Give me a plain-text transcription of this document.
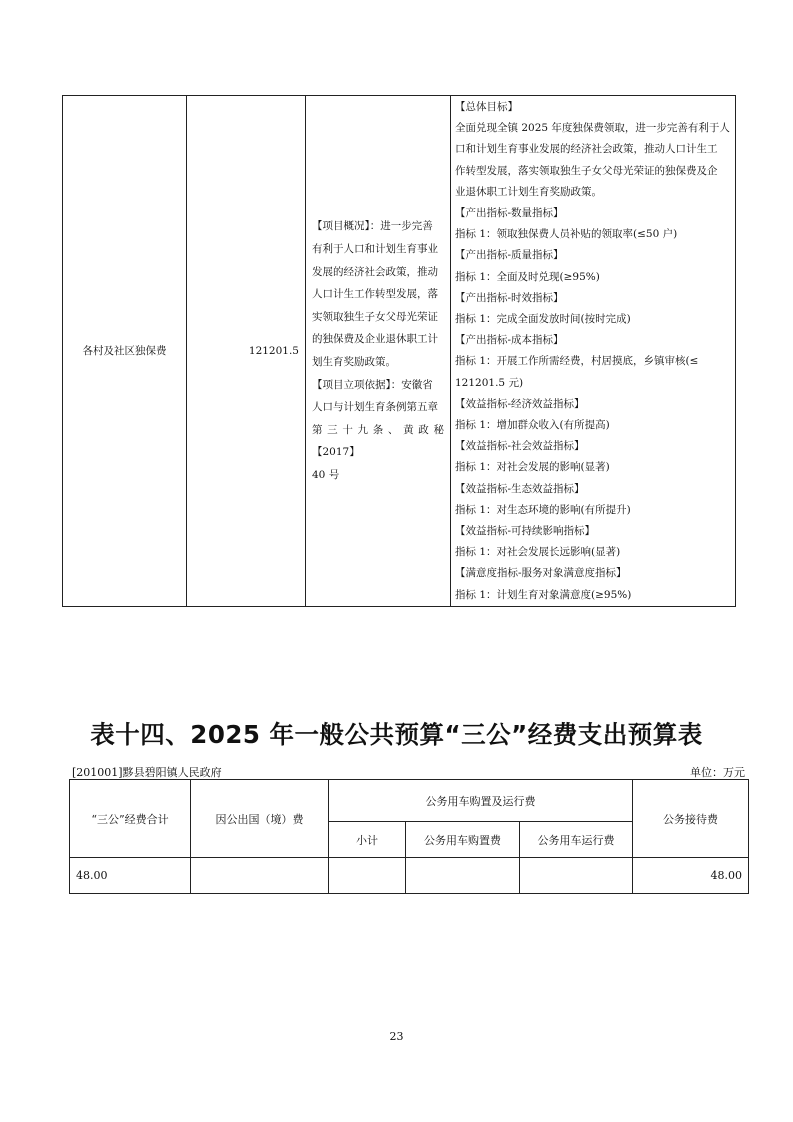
各村及社区独保费	121201.5	
【项目概况】：进一步完善
有利于人口和计划生育事业
发展的经济社会政策，推动
人口计生工作转型发展，落
实领取独生子女父母光荣证
的独保费及企业退休职工计
划生育奖励政策。
【项目立项依据】：安徽省
人口与计划生育条例第五章
第三十九条、黄政秘【2017】
40 号

【总体目标】
全面兑现全镇 2025 年度独保费领取，进一步完善有利于人
口和计划生育事业发展的经济社会政策，推动人口计生工
作转型发展，落实领取独生子女父母光荣证的独保费及企
业退休职工计划生育奖励政策。
【产出指标-数量指标】
指标 1：领取独保费人员补贴的领取率(≤50 户)
【产出指标-质量指标】
指标 1：全面及时兑现(≥95%)
【产出指标-时效指标】
指标 1：完成全面发放时间(按时完成)
【产出指标-成本指标】
指标 1：开展工作所需经费，村居摸底，乡镇审核(≤
121201.5 元)
【效益指标-经济效益指标】
指标 1：增加群众收入(有所提高)
【效益指标-社会效益指标】
指标 1：对社会发展的影响(显著)
【效益指标-生态效益指标】
指标 1：对生态环境的影响(有所提升)
【效益指标-可持续影响指标】
指标 1：对社会发展长远影响(显著)
【满意度指标-服务对象满意度指标】
指标 1：计划生育对象满意度(≥95%)
表十四、2025 年一般公共预算“三公”经费支出预算表
[201001]黟县碧阳镇人民政府	单位：万元
“三公”经费合计	因公出国（境）费	公务用车购置及运行费			公务接待费
		小计	公务用车购置费	公务用车运行费	
48.00					48.00
23
